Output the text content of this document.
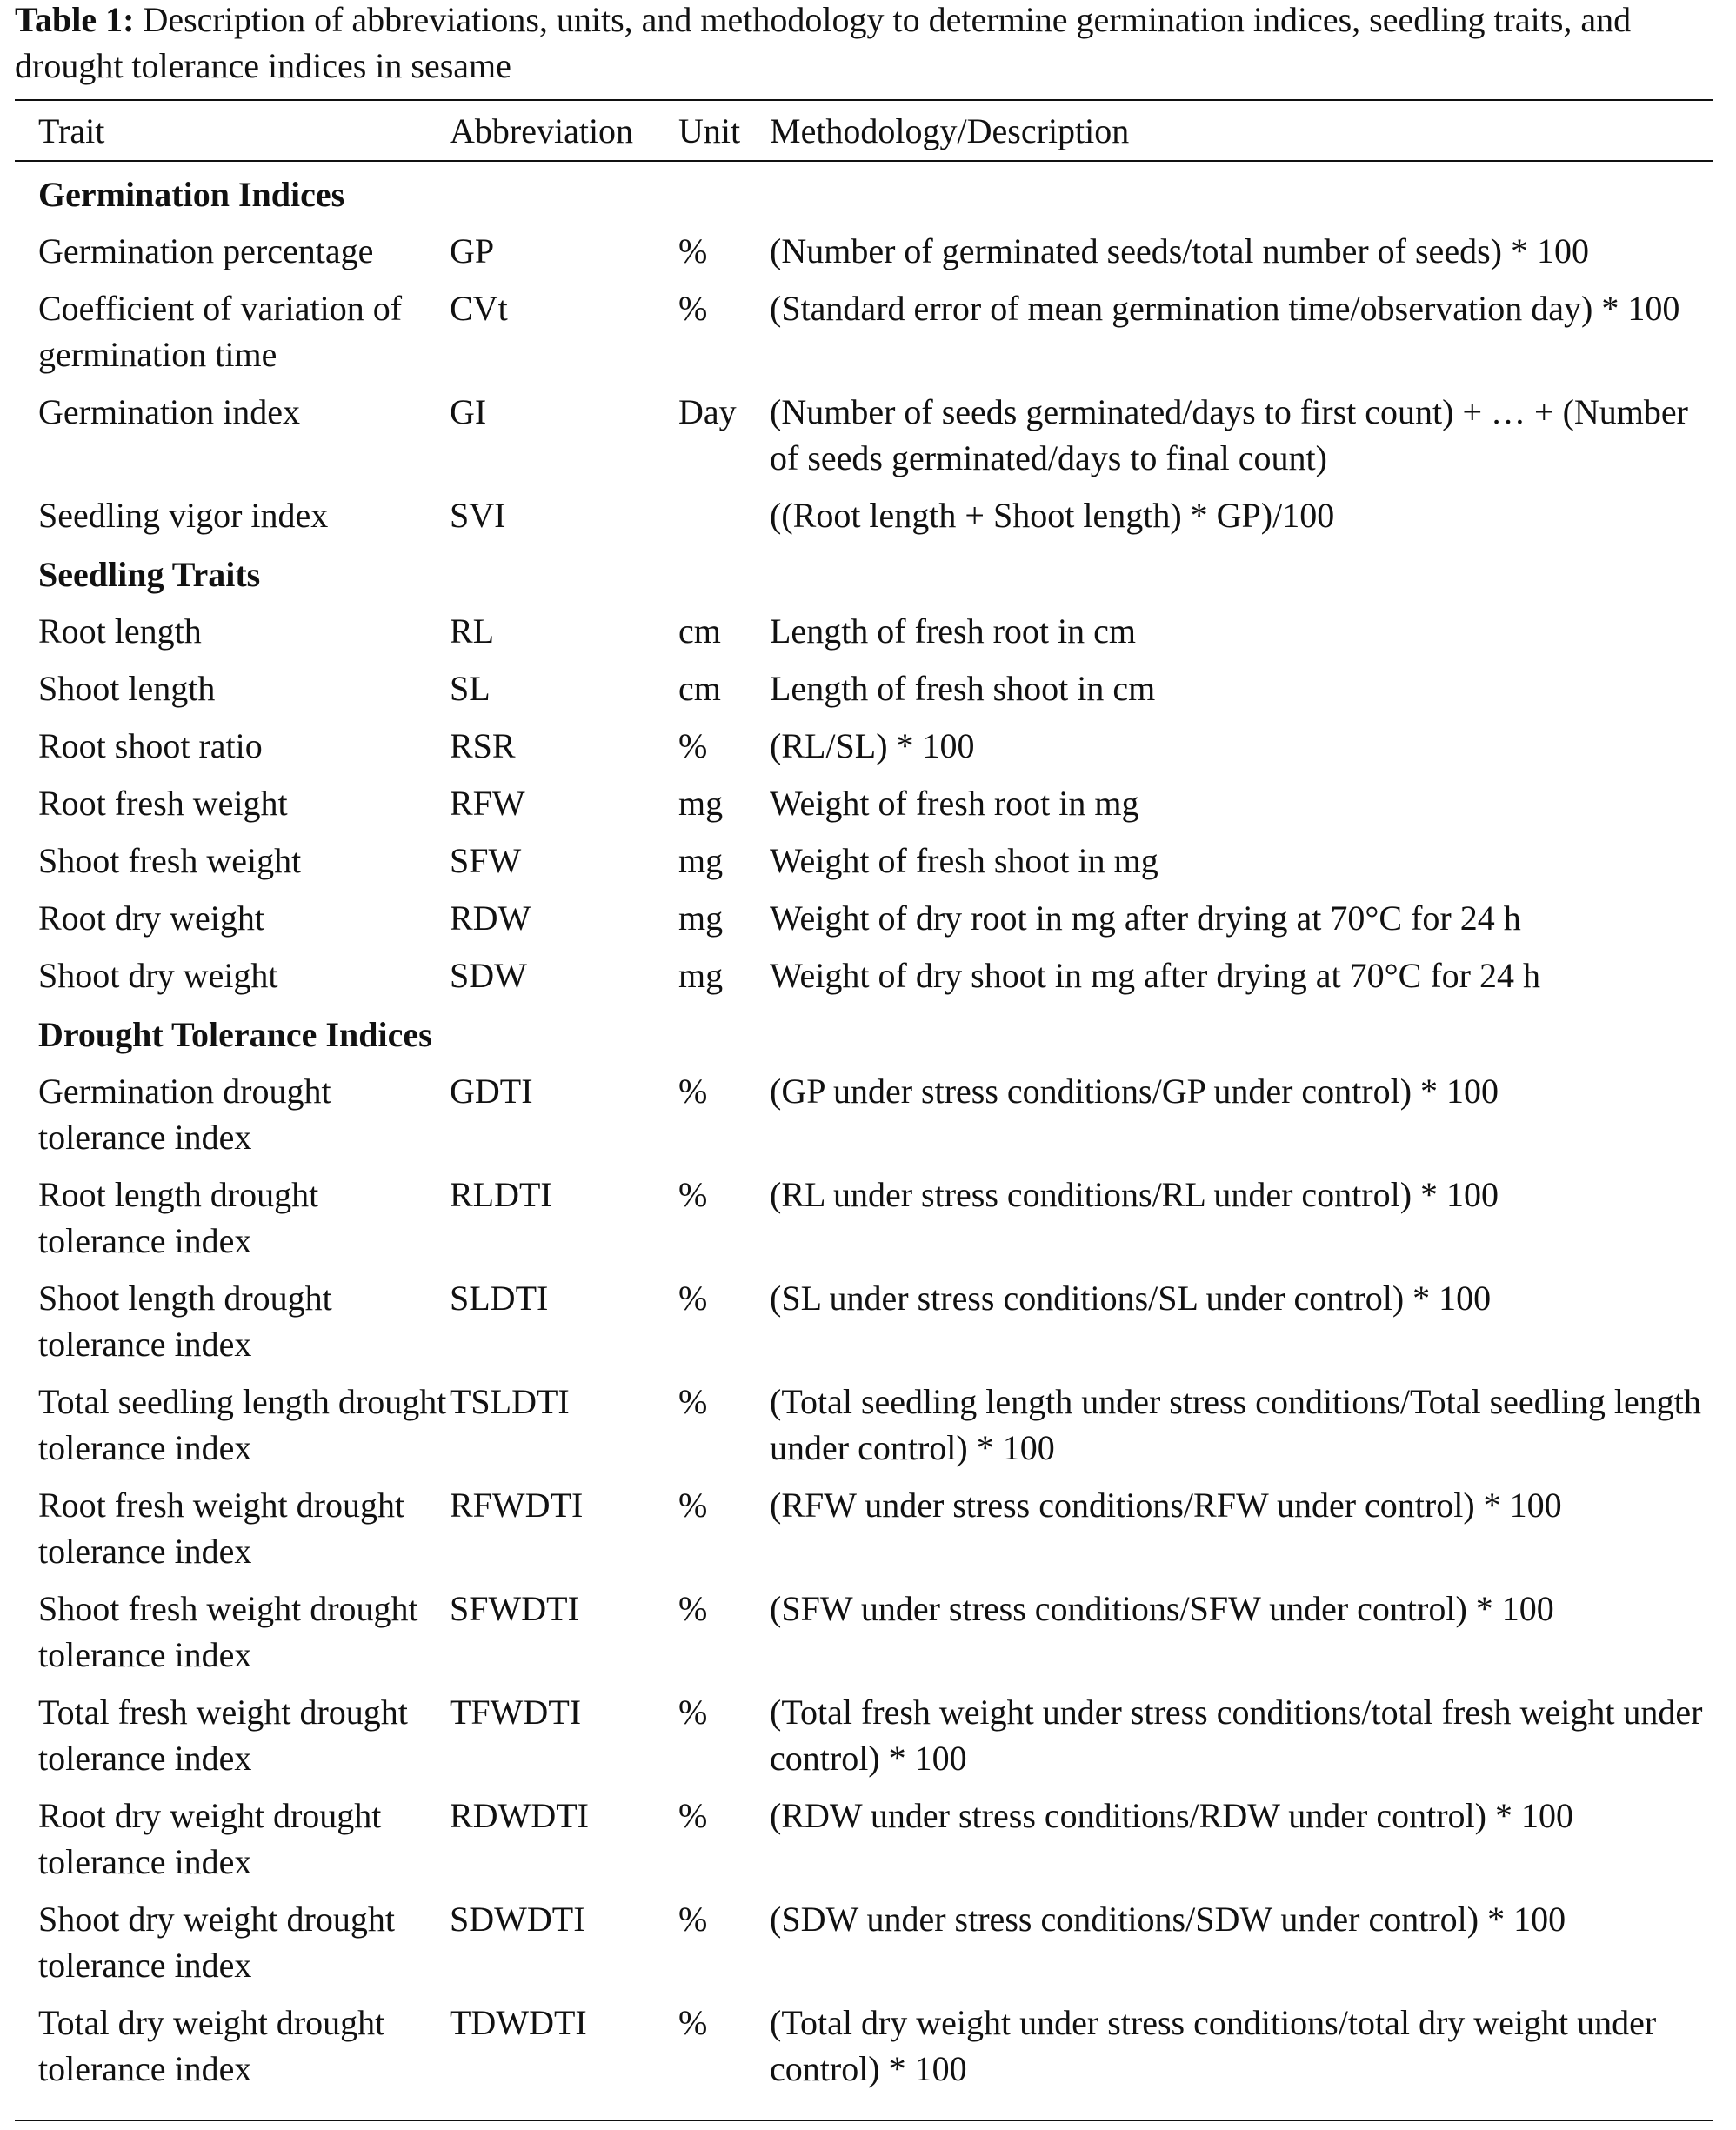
Table 1: Description of abbreviations, units, and methodology to determine germination indices, seedling traits, and drought tolerance indices in sesame
Trait	Abbreviation	Unit	Methodology/Description
Germination Indices			
Germination percentage	GP	%	(Number of germinated seeds/total number of seeds) * 100
Coefficient of variation of germination time	CVt	%	(Standard error of mean germination time/observation day) * 100
Germination index	GI	Day	(Number of seeds germinated/days to first count) + … + (Number of seeds germinated/days to final count)
Seedling vigor index	SVI		((Root length + Shoot length) * GP)/100
Seedling Traits			
Root length	RL	cm	Length of fresh root in cm
Shoot length	SL	cm	Length of fresh shoot in cm
Root shoot ratio	RSR	%	(RL/SL) * 100
Root fresh weight	RFW	mg	Weight of fresh root in mg
Shoot fresh weight	SFW	mg	Weight of fresh shoot in mg
Root dry weight	RDW	mg	Weight of dry root in mg after drying at 70°C for 24 h
Shoot dry weight	SDW	mg	Weight of dry shoot in mg after drying at 70°C for 24 h
Drought Tolerance Indices			
Germination drought tolerance index	GDTI	%	(GP under stress conditions/GP under control) * 100
Root length drought tolerance index	RLDTI	%	(RL under stress conditions/RL under control) * 100
Shoot length drought tolerance index	SLDTI	%	(SL under stress conditions/SL under control) * 100
Total seedling length drought tolerance index	TSLDTI	%	(Total seedling length under stress conditions/Total seedling length under control) * 100
Root fresh weight drought tolerance index	RFWDTI	%	(RFW under stress conditions/RFW under control) * 100
Shoot fresh weight drought tolerance index	SFWDTI	%	(SFW under stress conditions/SFW under control) * 100
Total fresh weight drought tolerance index	TFWDTI	%	(Total fresh weight under stress conditions/total fresh weight under control) * 100
Root dry weight drought tolerance index	RDWDTI	%	(RDW under stress conditions/RDW under control) * 100
Shoot dry weight drought tolerance index	SDWDTI	%	(SDW under stress conditions/SDW under control) * 100
Total dry weight drought tolerance index	TDWDTI	%	(Total dry weight under stress conditions/total dry weight under control) * 100
